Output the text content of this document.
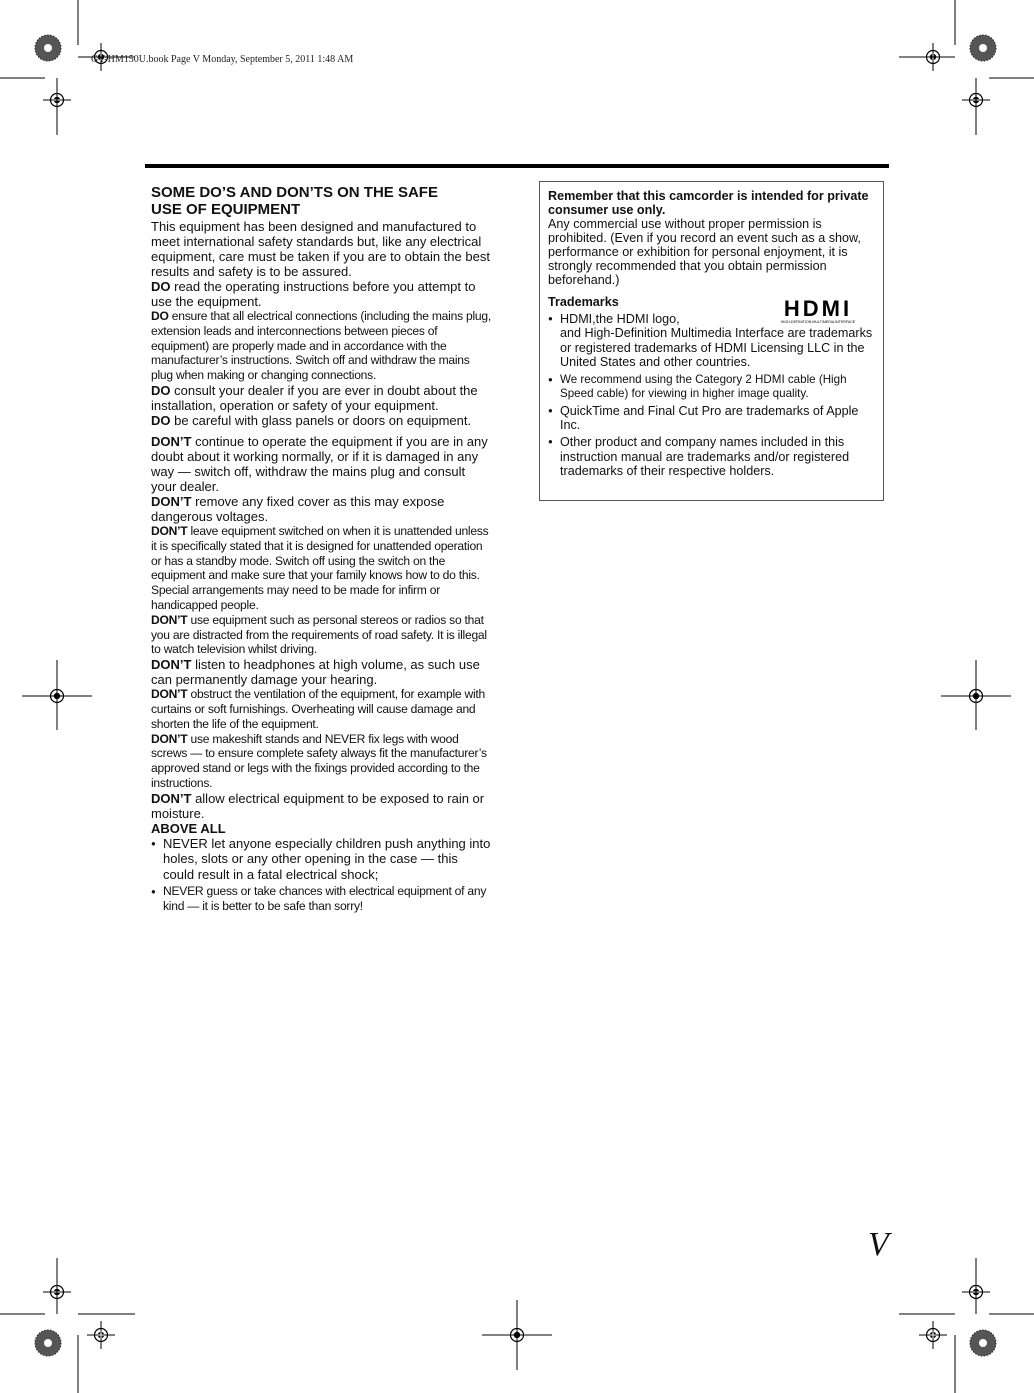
GY-HM150U.book Page V Monday, September 5, 2011 1:48 AM
SOME DO’S AND DON’TS ON THE SAFE
USE OF EQUIPMENT

This equipment has been designed and manufactured to meet international safety standards but, like any electrical equipment, care must be taken if you are to obtain the best results and safety is to be assured.

DO read the operating instructions before you attempt to use the equipment.

DO ensure that all electrical connections (including the mains plug, extension leads and interconnections between pieces of equipment) are properly made and in accordance with the manufacturer’s instructions. Switch off and withdraw the mains plug when making or changing connections.

DO consult your dealer if you are ever in doubt about the installation, operation or safety of your equipment.

DO be careful with glass panels or doors on equipment.

DON’T continue to operate the equipment if you are in any doubt about it working normally, or if it is damaged in any way — switch off, withdraw the mains plug and consult your dealer.

DON’T remove any fixed cover as this may expose dangerous voltages.

DON’T leave equipment switched on when it is unattended unless it is specifically stated that it is designed for unattended operation or has a standby mode. Switch off using the switch on the equipment and make sure that your family knows how to do this. Special arrangements may need to be made for infirm or handicapped people.

DON’T use equipment such as personal stereos or radios so that you are distracted from the requirements of road safety. It is illegal to watch television whilst driving.

DON’T listen to headphones at high volume, as such use can permanently damage your hearing.

DON’T obstruct the ventilation of the equipment, for example with curtains or soft furnishings. Overheating will cause damage and shorten the life of the equipment.

DON’T use makeshift stands and NEVER fix legs with wood screws — to ensure complete safety always fit the manufacturer’s approved stand or legs with the fixings provided according to the instructions.

DON’T allow electrical equipment to be exposed to rain or moisture.

ABOVE ALL

● NEVER let anyone especially children push anything into holes, slots or any other opening in the case — this could result in a fatal electrical shock;
● NEVER guess or take chances with electrical equipment of any kind — it is better to be safe than sorry!

Remember that this camcorder is intended for private consumer use only.

Any commercial use without proper permission is prohibited. (Even if you record an event such as a show, performance or exhibition for personal enjoyment, it is strongly recommended that you obtain permission beforehand.)

Trademarks

● HDMI,the HDMI logo,
and High-Definition Multimedia Interface are trademarks or registered trademarks of HDMI Licensing LLC in the United States and other countries.
● We recommend using the Category 2 HDMI cable (High Speed cable) for viewing in higher image quality.
● QuickTime and Final Cut Pro are trademarks of Apple Inc.
● Other product and company names included in this instruction manual are trademarks and/or registered trademarks of their respective holders.
HDMI
HIGH-DEFINITION MULTIMEDIA INTERFACE
V
